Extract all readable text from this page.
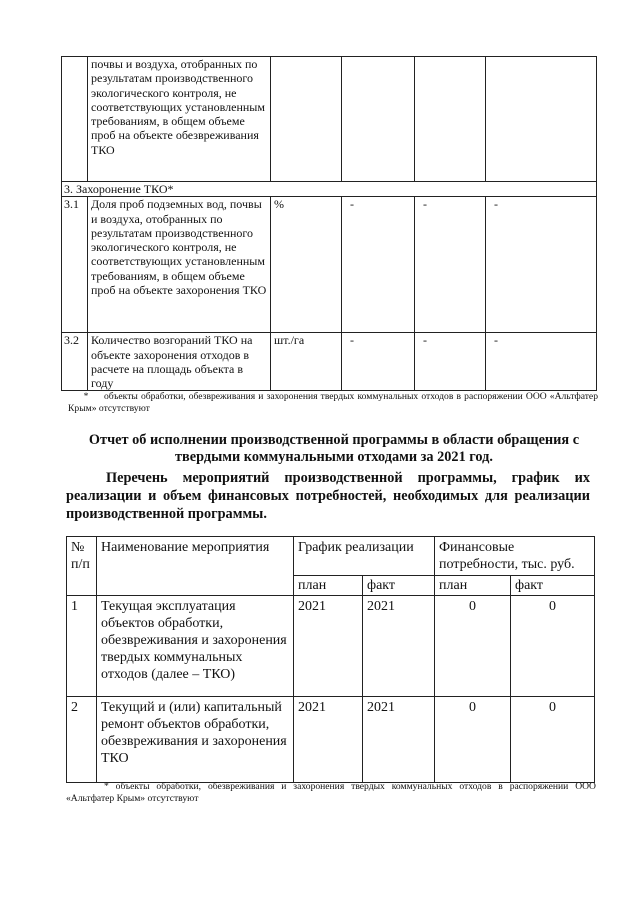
	почвы и воздуха, отобранных по результатам производственного экологического контроля, не соответствующих установленным требованиям, в общем объеме проб на объекте обезвреживания ТКО				
3. Захоронение ТКО*					
3.1	Доля проб подземных вод, почвы и воздуха, отобранных по результатам производственного экологического контроля, не соответствующих установленным требованиям, в общем объеме проб на объекте захоронения ТКО	%	-	-	-
3.2	Количество возгораний ТКО на объекте захоронения отходов в расчете на площадь объекта в году	шт./га	-	-	-
* объекты обработки, обезвреживания и захоронения твердых коммунальных отходов в распоряжении ООО «Альтфатер Крым» отсутствуют
Отчет об исполнении производственной программы в области обращения с твердыми коммунальными отходами за 2021 год.

Перечень мероприятий производственной программы, график их реализации и объем финансовых потребностей, необходимых для реализации производственной программы.

№ п/п	Наименование мероприятия	График реализации		Финансовые потребности, тыс. руб.	
		план	факт	план	факт
1	Текущая эксплуатация объектов обработки, обезвреживания и захоронения твердых коммунальных отходов (далее – ТКО)	2021	2021	0	0
2	Текущий и (или) капитальный ремонт объектов обработки, обезвреживания и захоронения ТКО	2021	2021	0	0
* объекты обработки, обезвреживания и захоронения твердых коммунальных отходов в распоряжении ООО «Альтфатер Крым» отсутствуют
